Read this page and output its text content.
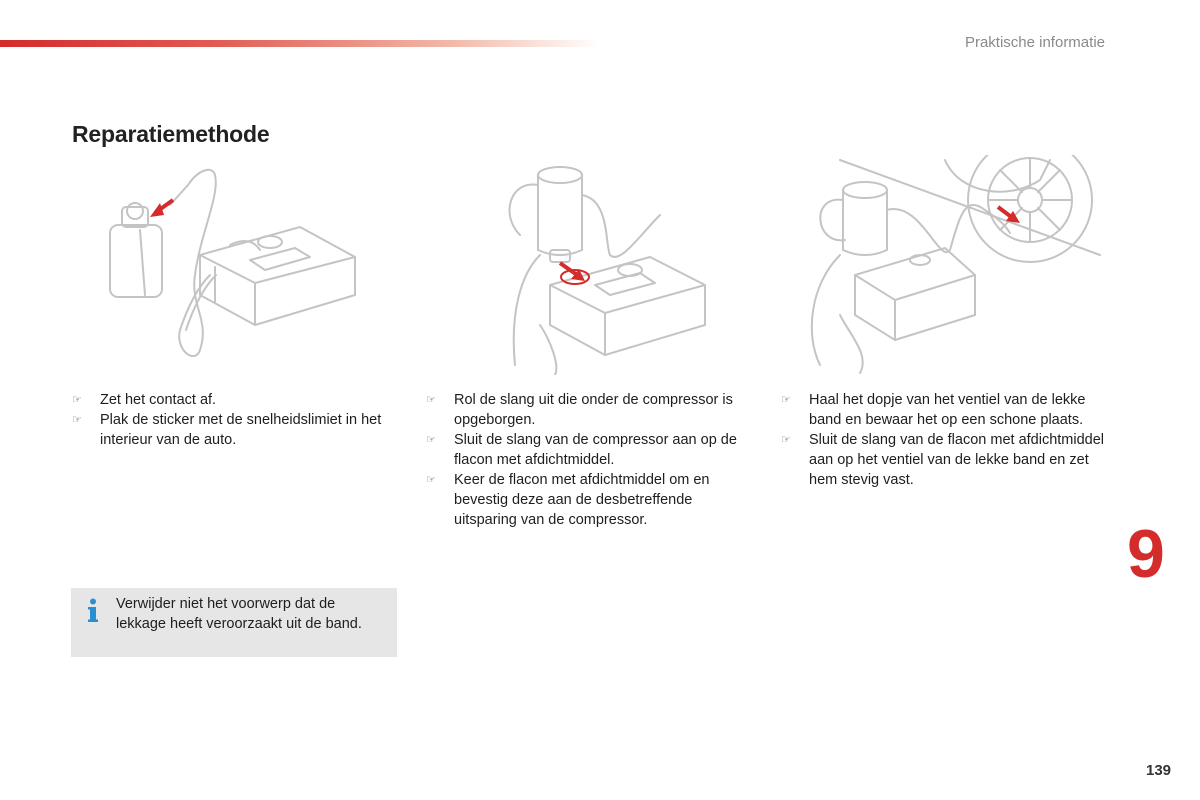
Praktische informatie
Reparatiemethode
☞ Zet het contact af.
☞ Plak de sticker met de snelheidslimiet in het interieur van de auto.
☞ Rol de slang uit die onder de compressor is opgeborgen.
☞ Sluit de slang van de compressor aan op de flacon met afdichtmiddel.
☞ Keer de flacon met afdichtmiddel om en bevestig deze aan de desbetreffende uitsparing van de compressor.
☞ Haal het dopje van het ventiel van de lekke band en bewaar het op een schone plaats.
☞ Sluit de slang van de flacon met afdichtmiddel aan op het ventiel van de lekke band en zet hem stevig vast.
Verwijder niet het voorwerp dat de lekkage heeft veroorzaakt uit de band.
9
139
